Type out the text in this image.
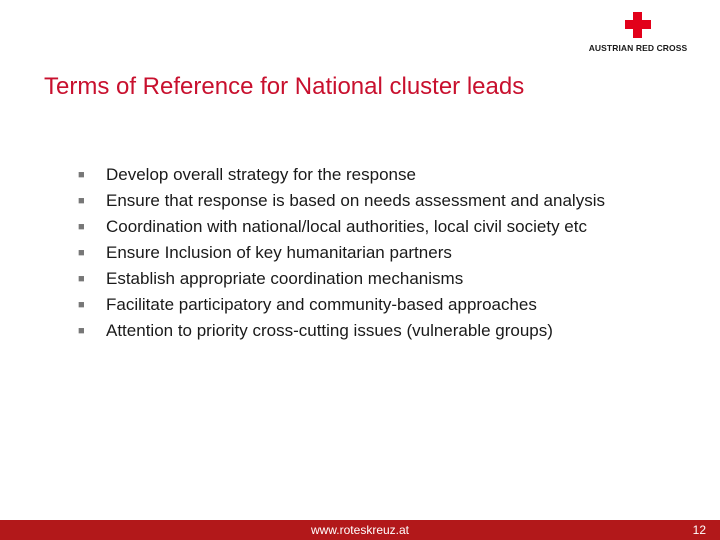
AUSTRIAN RED CROSS
Terms of Reference for National cluster leads
■ Develop overall strategy for the response
■ Ensure that response is based on needs assessment and analysis
■ Coordination with national/local authorities, local civil society etc
■ Ensure Inclusion of key humanitarian partners
■ Establish appropriate coordination mechanisms
■ Facilitate participatory and community-based approaches
■ Attention to priority cross-cutting issues (vulnerable groups)
www.roteskreuz.at	12
